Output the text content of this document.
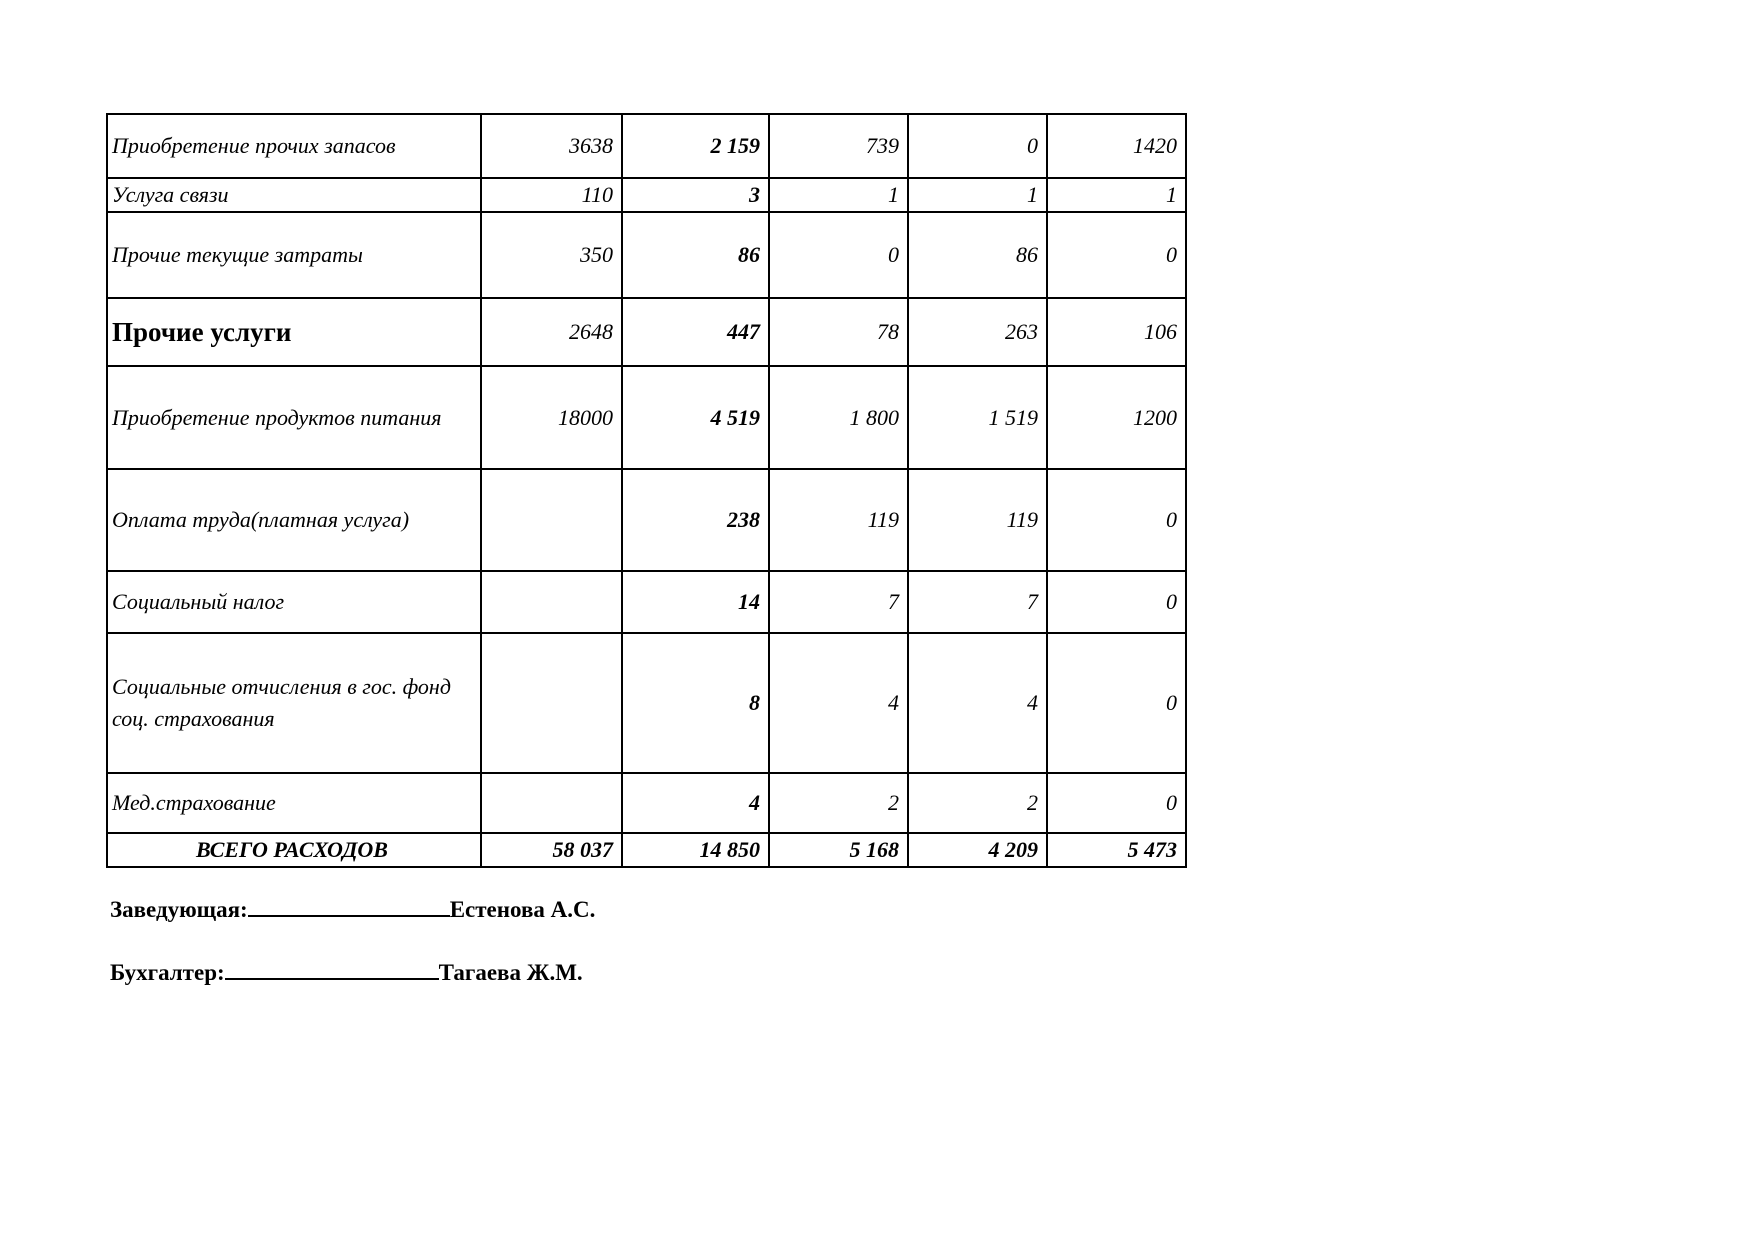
Приобретение прочих запасов	3638	2 159	739	0	1420
Услуга связи	110	3	1	1	1
Прочие текущие затраты	350	86	0	86	0
Прочие услуги	2648	447	78	263	106
Приобретение продуктов питания	18000	4 519	1 800	1 519	1200
Оплата труда(платная услуга)		238	119	119	0
Социальный налог		14	7	7	0
Социальные отчисления в гос. фонд соц. страхования		8	4	4	0
Мед.страхование		4	2	2	0
ВСЕГО РАСХОДОВ	58 037	14 850	5 168	4 209	5 473
Заведующая:	Естенова А.С.
Бухгалтер:	Тагаева Ж.М.
